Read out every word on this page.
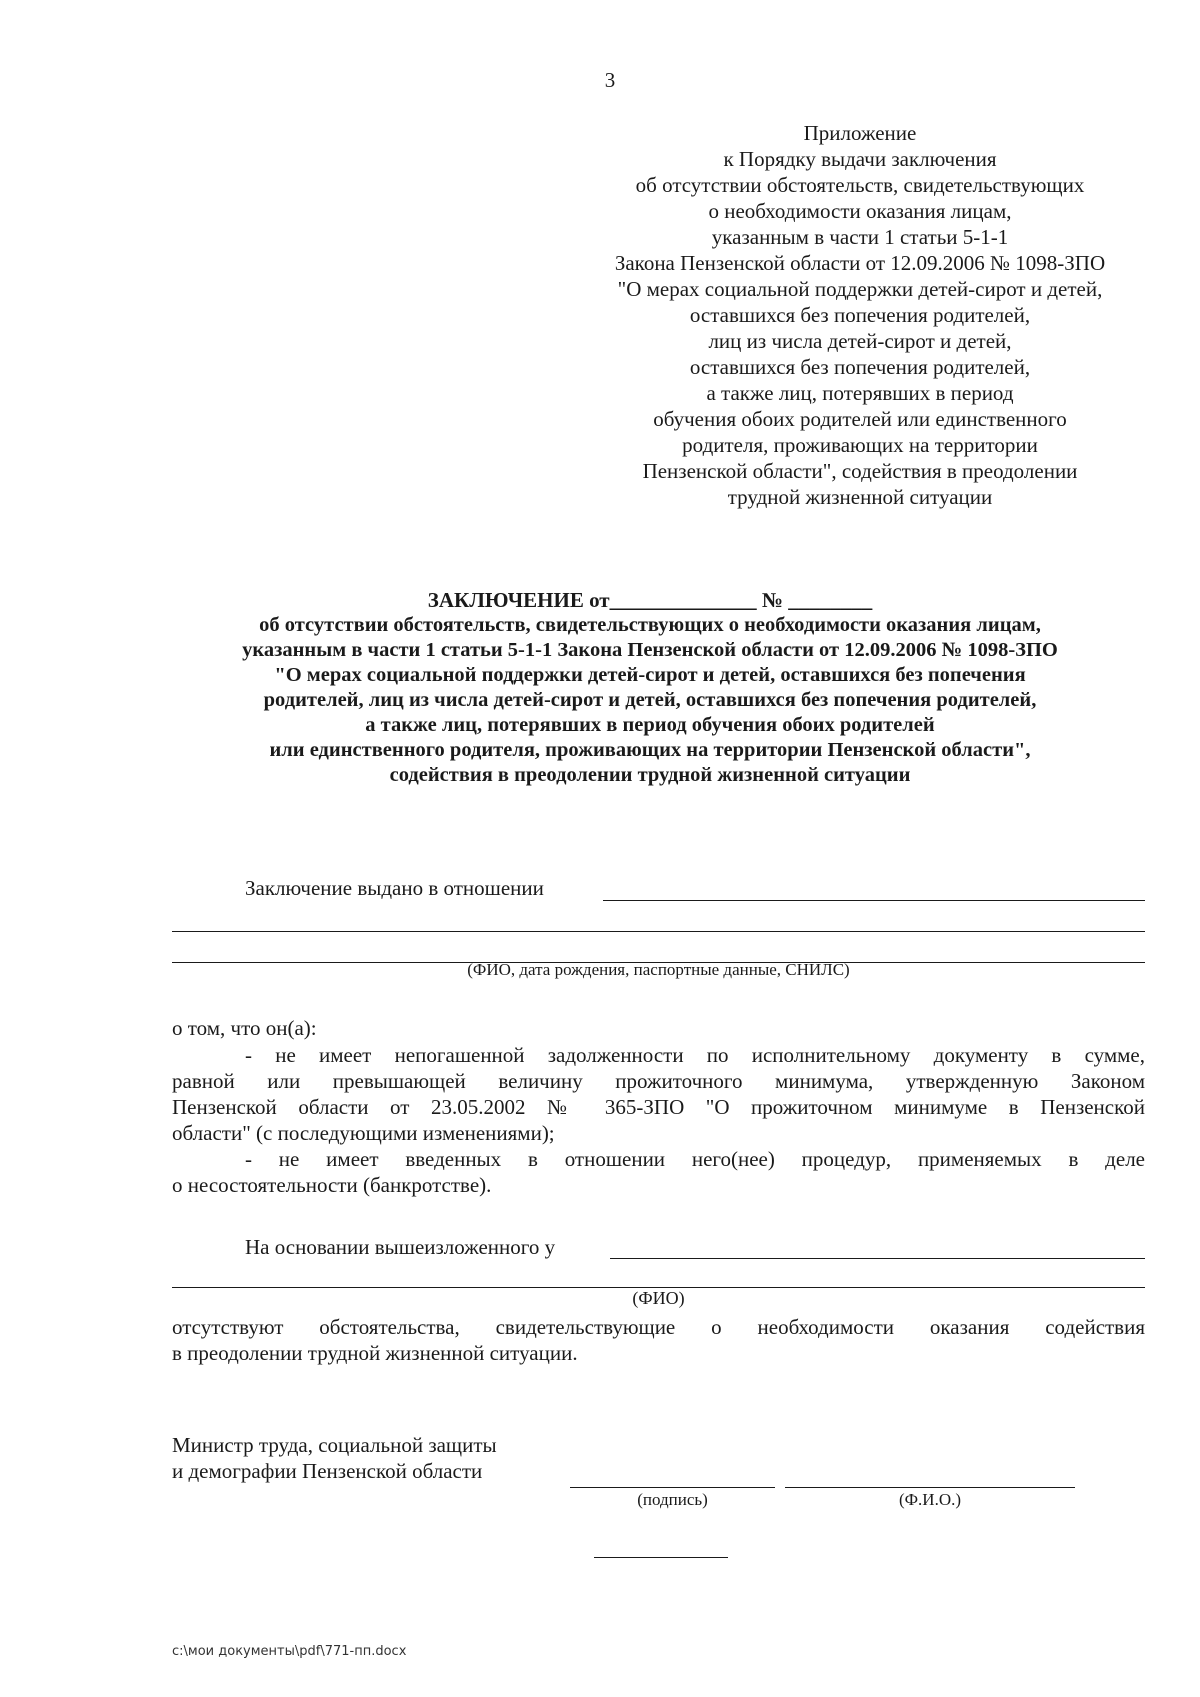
3
Приложение
к Порядку выдачи заключения
об отсутствии обстоятельств, свидетельствующих
о необходимости оказания лицам,
указанным в части 1 статьи 5-1-1
Закона Пензенской области от 12.09.2006 № 1098-ЗПО
"О мерах социальной поддержки детей-сирот и детей,
оставшихся без попечения родителей,
лиц из числа детей-сирот и детей,
оставшихся без попечения родителей,
а также лиц, потерявших в период
обучения обоих родителей или единственного
родителя, проживающих на территории
Пензенской области", содействия в преодолении
трудной жизненной ситуации
ЗАКЛЮЧЕНИЕ от______________ № ________
об отсутствии обстоятельств, свидетельствующих о необходимости оказания лицам,
указанным в части 1 статьи 5-1-1 Закона Пензенской области от 12.09.2006 № 1098-ЗПО
"О мерах социальной поддержки детей-сирот и детей, оставшихся без попечения
родителей, лиц из числа детей-сирот и детей, оставшихся без попечения родителей,
а также лиц, потерявших в период обучения обоих родителей
или единственного родителя, проживающих на территории Пензенской области",
содействия в преодолении трудной жизненной ситуации
Заключение выдано в отношении
(ФИО, дата рождения, паспортные данные, СНИЛС)
о том, что он(а):
- не имеет непогашенной задолженности по исполнительному документу в сумме,
равной или превышающей величину прожиточного минимума, утвержденную Законом
Пензенской области от 23.05.2002 № 365-ЗПО "О прожиточном минимуме в Пензенской
области" (с последующими изменениями);
- не имеет введенных в отношении него(нее) процедур, применяемых в деле
о несостоятельности (банкротстве).
На основании вышеизложенного у
(ФИО)
отсутствуют обстоятельства, свидетельствующие о необходимости оказания содействия
в преодолении трудной жизненной ситуации.
Министр труда, социальной защиты
и демографии Пензенской области
(подпись)	(Ф.И.О.)
c:\мои документы\pdf\771-пп.docx
